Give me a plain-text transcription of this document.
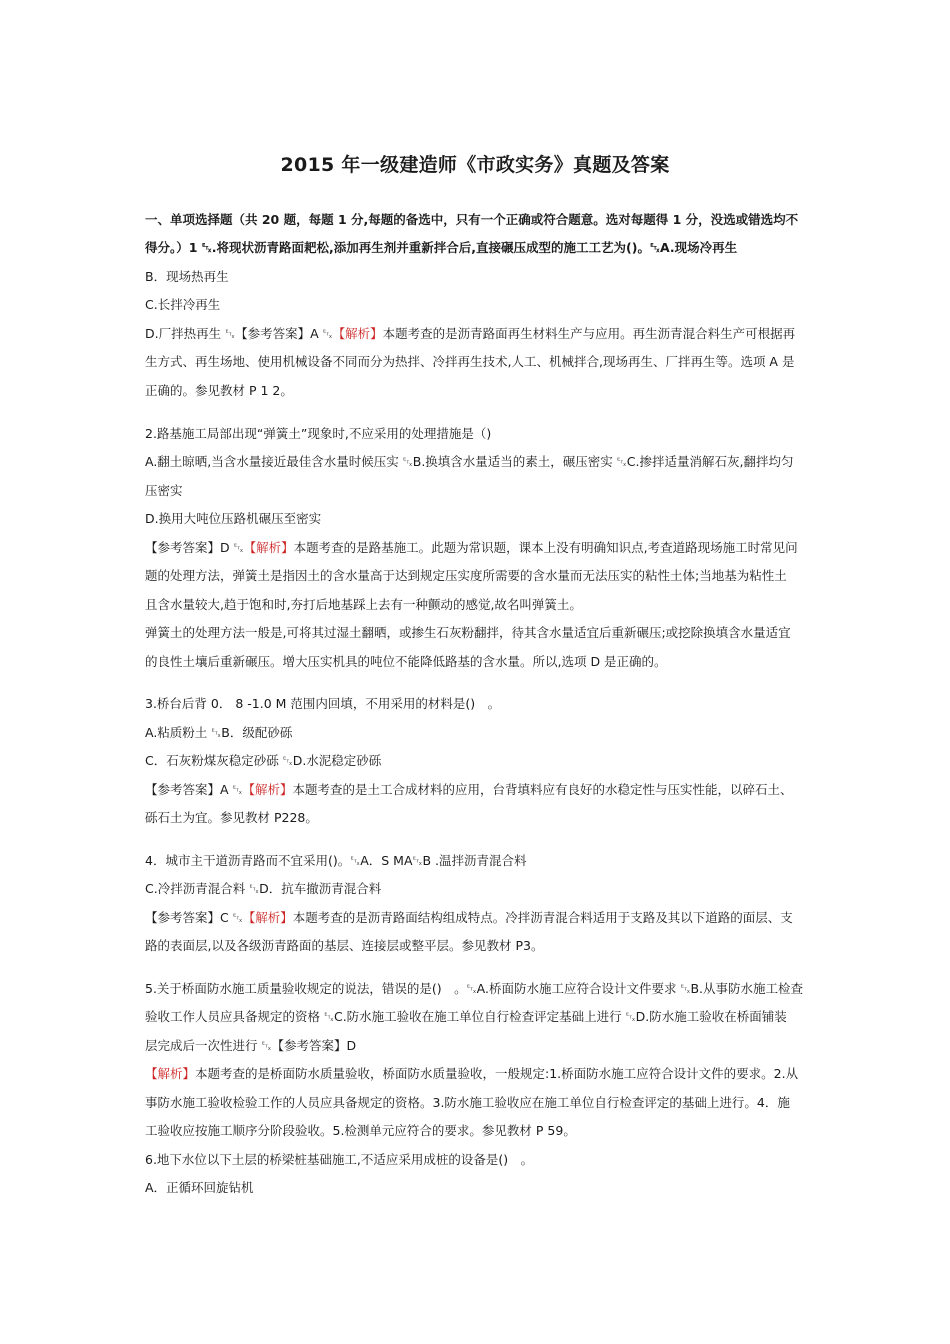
2015 年一级建造师《市政实务》真题及答案
一、单项选择题（共 20 题，每题 1 分,每题的备选中，只有一个正确或符合题意。选对每题得 1 分，没选或错选均不
得分。）1 ␃.将现状沥青路面耙松,添加再生剂并重新拌合后,直接碾压成型的施工工艺为()。␃A.现场冷再生
B．现场热再生
C.长拌冷再生
D.厂拌热再生 ␃【参考答案】A ␃【解析】本题考查的是沥青路面再生材料生产与应用。再生沥青混合料生产可根据再
生方式、再生场地、使用机械设备不同而分为热拌、冷拌再生技术,人工、机械拌合,现场再生、厂拌再生等。选项 A 是
正确的。参见教材 P 1 2。
2.路基施工局部出现“弹簧土”现象时,不应采用的处理措施是（)
A.翻土晾晒,当含水量接近最佳含水量时候压实 ␃B.换填含水量适当的素土，碾压密实 ␃C.掺拌适量消解石灰,翻拌均匀
压密实
D.换用大吨位压路机碾压至密实
【参考答案】D ␃【解析】本题考查的是路基施工。此题为常识题，课本上没有明确知识点,考查道路现场施工时常见问
题的处理方法，弹簧土是指因土的含水量高于达到规定压实度所需要的含水量而无法压实的粘性土体;当地基为粘性土
且含水量较大,趋于饱和时,夯打后地基踩上去有一种颤动的感觉,故名叫弹簧土。
弹簧土的处理方法一般是,可将其过湿土翻晒，或掺生石灰粉翻拌，待其含水量适宜后重新碾压;或挖除换填含水量适宜
的良性土壤后重新碾压。增大压实机具的吨位不能降低路基的含水量。所以,选项 D 是正确的。
3.桥台后背 0． 8 -1.0 M 范围内回填，不用采用的材料是()　。
A.粘质粉土 ␃B．级配砂砾
C．石灰粉煤灰稳定砂砾 ␃D.水泥稳定砂砾
【参考答案】A ␃【解析】本题考查的是土工合成材料的应用，台背填料应有良好的水稳定性与压实性能，以碎石土、
砾石土为宜。参见教材 P228。
4．城市主干道沥青路而不宜采用()。␃A．S MA␃B .温拌沥青混合料
C.冷拌沥青混合料 ␃D．抗车撤沥青混合料
【参考答案】C ␃【解析】本题考查的是沥青路面结构组成特点。冷拌沥青混合料适用于支路及其以下道路的面层、支
路的表面层,以及各级沥青路面的基层、连接层或整平层。参见教材 P3。
5.关于桥面防水施工质量验收规定的说法，错误的是()　。␃A.桥面防水施工应符合设计文件要求 ␃B.从事防水施工检查
验收工作人员应具备规定的资格 ␃C.防水施工验收在施工单位自行检查评定基础上进行 ␃D.防水施工验收在桥面铺装
层完成后一次性进行 ␃【参考答案】D
【解析】本题考查的是桥面防水质量验收，桥面防水质量验收，一般规定:1.桥面防水施工应符合设计文件的要求。2.从
事防水施工验收检验工作的人员应具备规定的资格。3.防水施工验收应在施工单位自行检查评定的基础上进行。4．施
工验收应按施工顺序分阶段验收。5.检测单元应符合的要求。参见教材 P 59。
6.地下水位以下土层的桥梁桩基础施工,不适应采用成桩的设备是()　。
A．正循环回旋钻机
